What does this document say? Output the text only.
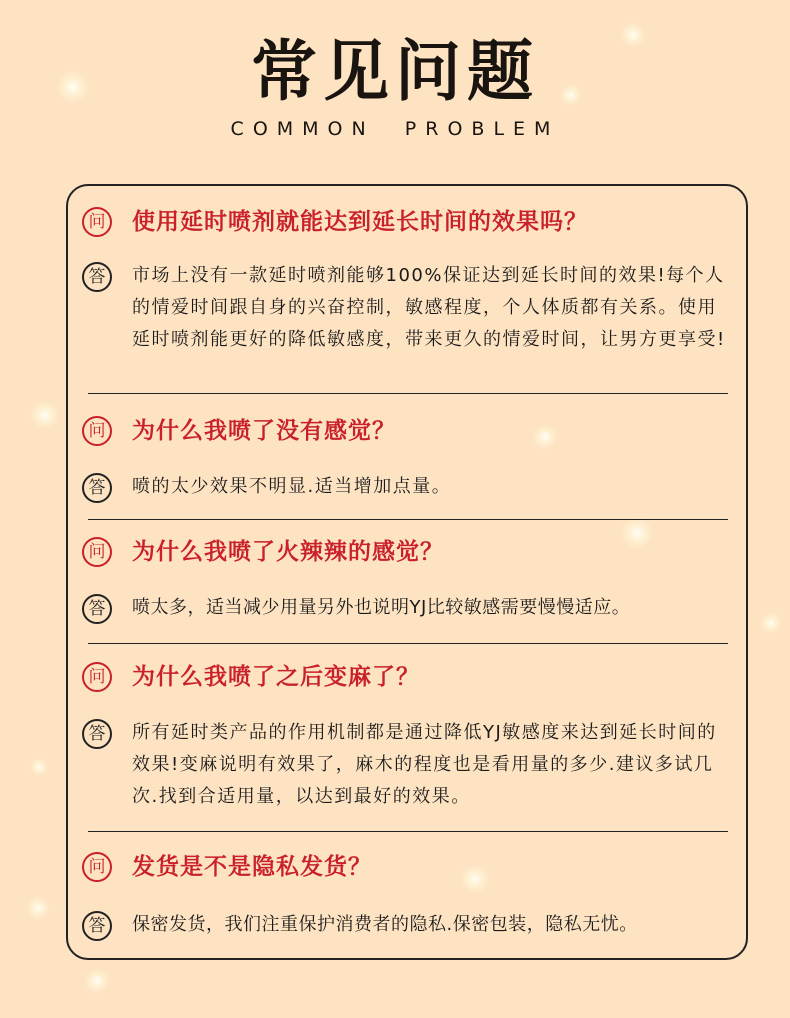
常见问题
COMMON  PROBLEM
问 使用延时喷剂就能达到延长时间的效果吗？
答	市场上没有一款延时喷剂能够100%保证达到延长时间的效果!每个人的情爱时间跟自身的兴奋控制，敏感程度，个人体质都有关系。使用延时喷剂能更好的降低敏感度，带来更久的情爱时间，让男方更享受!
问 为什么我喷了没有感觉？
答	喷的太少效果不明显.适当增加点量。
问 为什么我喷了火辣辣的感觉？
答	喷太多，适当减少用量另外也说明YJ比较敏感需要慢慢适应。
问 为什么我喷了之后变麻了？
答	所有延时类产品的作用机制都是通过降低YJ敏感度来达到延长时间的效果!变麻说明有效果了，麻木的程度也是看用量的多少.建议多试几次.找到合适用量，以达到最好的效果。
问 发货是不是隐私发货？
答	保密发货，我们注重保护消费者的隐私.保密包装，隐私无忧。
